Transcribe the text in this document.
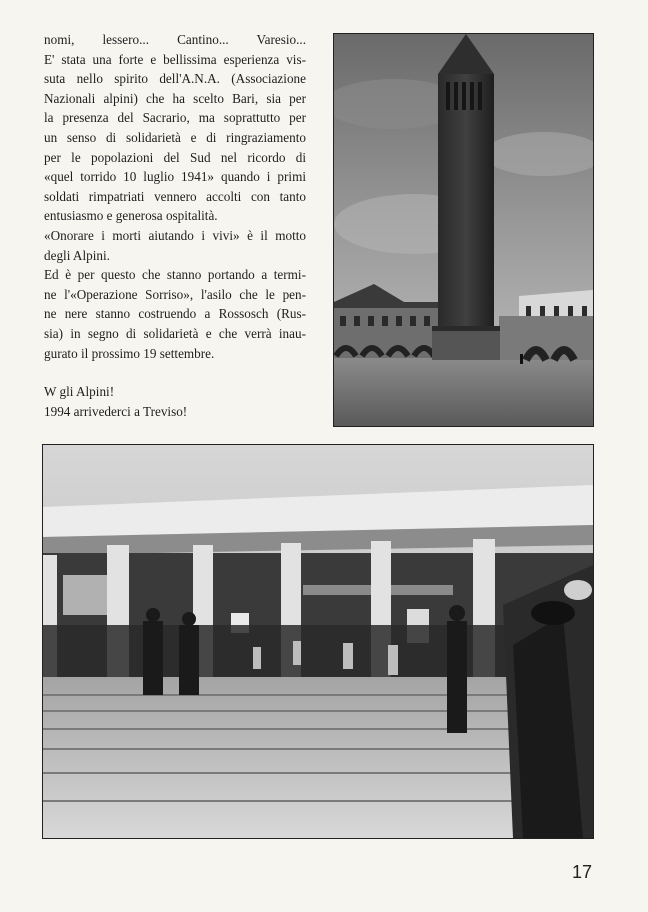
nomi, lessero... Cantino... Varesio...
E' stata una forte e bellissima esperienza vis-
suta nello spirito dell'A.N.A. (Associazione
Nazionali alpini) che ha scelto Bari, sia per
la presenza del Sacrario, ma soprattutto per
un senso di solidarietà e di ringraziamento
per le popolazioni del Sud nel ricordo di
«quel torrido 10 luglio 1941» quando i primi
soldati rimpatriati vennero accolti con tanto
entusiasmo e generosa ospitalità.
«Onorare i morti aiutando i vivi» è il motto
degli Alpini.
Ed è per questo che stanno portando a termi-
ne l'«Operazione Sorriso», l'asilo che le pen-
ne nere stanno costruendo a Rossosch (Rus-
sia) in segno di solidarietà e che verrà inau-
gurato il prossimo 19 settembre.

W gli Alpini!
1994 arrivederci a Treviso!

17
